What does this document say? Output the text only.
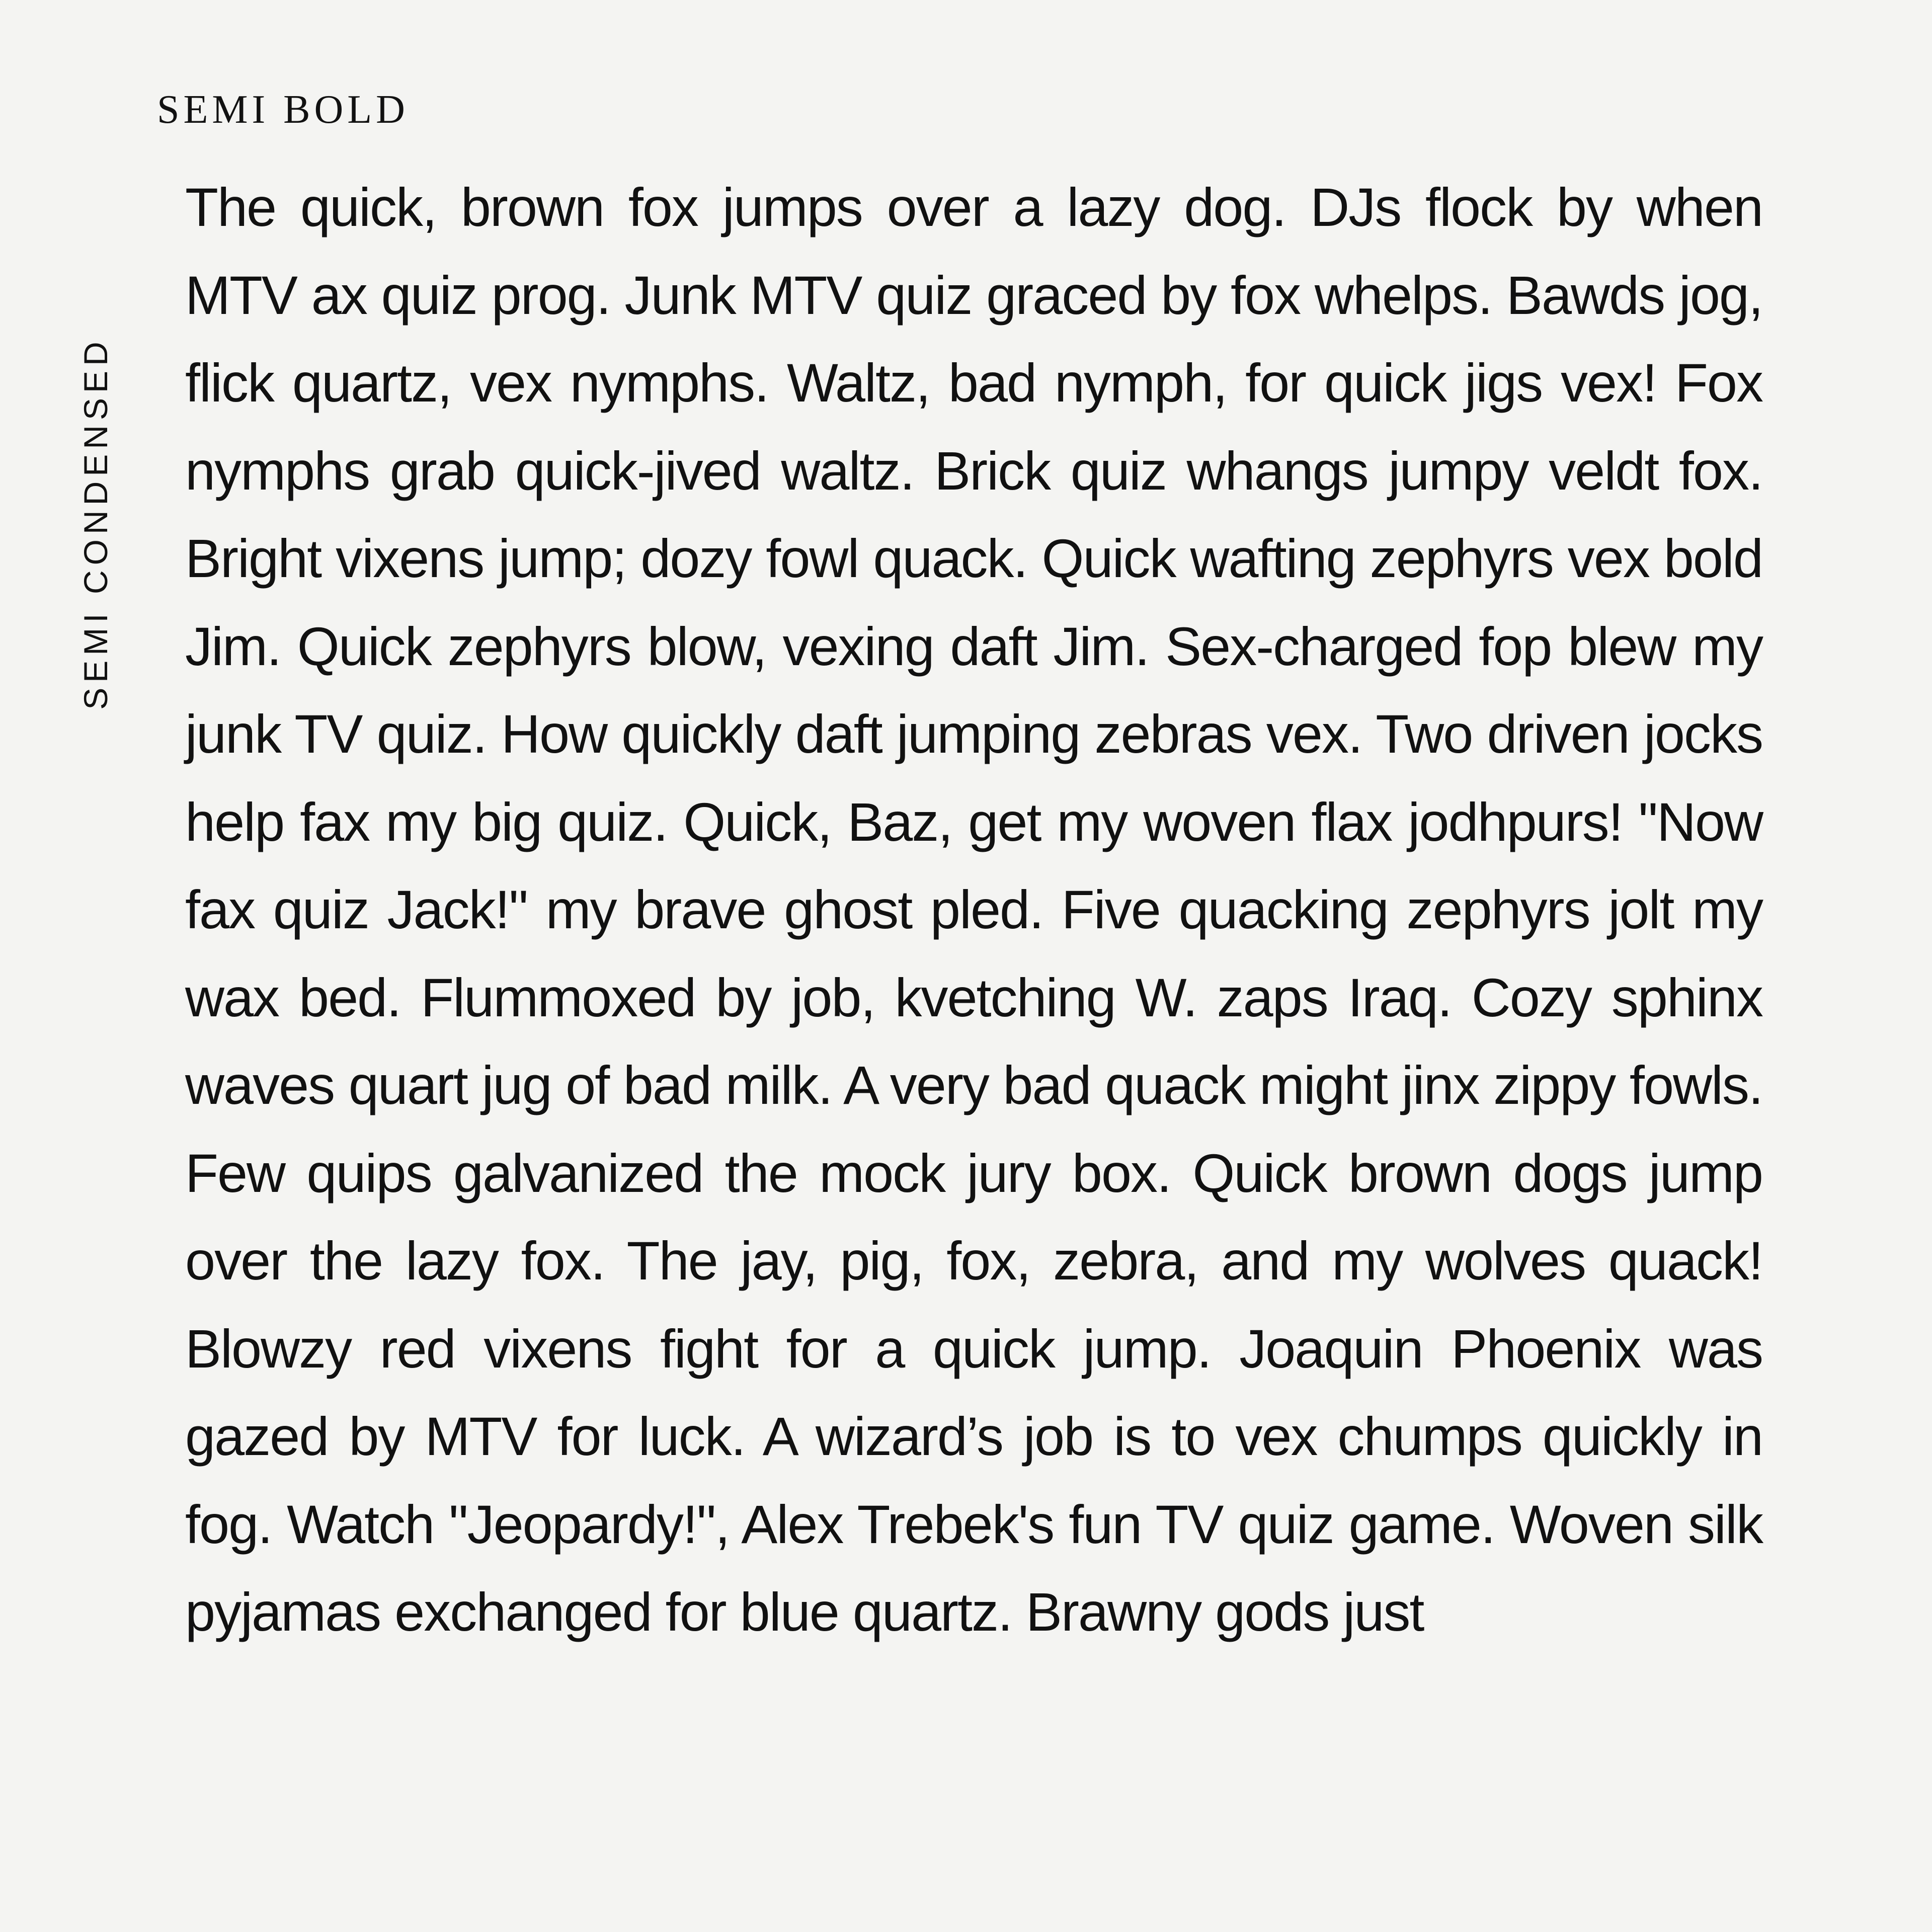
SEMI CONDENSED
SEMI BOLD

The quick, brown fox jumps over a lazy dog. DJs flock by when MTV ax quiz prog. Junk MTV quiz graced by fox whelps. Bawds jog, flick quartz, vex nymphs. Waltz, bad nymph, for quick jigs vex! Fox nymphs grab quick-jived waltz. Brick quiz whangs jumpy veldt fox. Bright vixens jump; dozy fowl quack. Quick wafting zephyrs vex bold Jim. Quick zephyrs blow, vexing daft Jim. Sex-charged fop blew my junk TV quiz. How quickly daft jumping zebras vex. Two driven jocks help fax my big quiz. Quick, Baz, get my woven flax jodhpurs! "Now fax quiz Jack!" my brave ghost pled. Five quacking zephyrs jolt my wax bed. Flummoxed by job, kvetching W. zaps Iraq. Cozy sphinx waves quart jug of bad milk. A very bad quack might jinx zippy fowls. Few quips galvanized the mock jury box. Quick brown dogs jump over the lazy fox. The jay, pig, fox, zebra, and my wolves quack! Blowzy red vixens fight for a quick jump. Joaquin Phoenix was gazed by MTV for luck. A wizard’s job is to vex chumps quickly in fog. Watch "Jeopardy!", Alex Trebek's fun TV quiz game. Woven silk pyjamas exchanged for blue quartz. Brawny gods just
